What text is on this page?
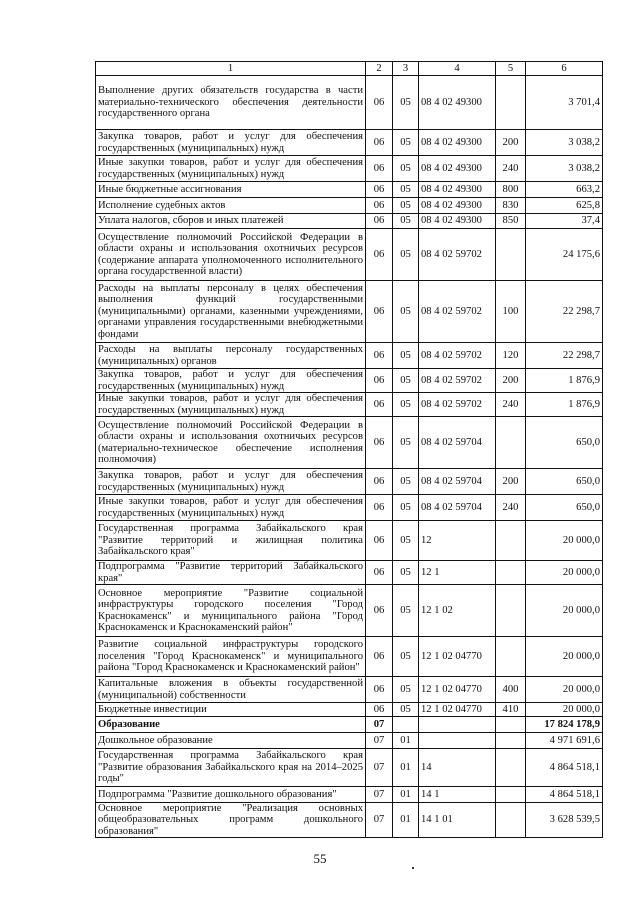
1	2	3	4	5	6
Выполнение других обязательств государства в части материально-технического обеспечения деятельности государственного органа	06	05	08 4 02 49300		3 701,4
Закупка товаров, работ и услуг для обеспечения государственных (муниципальных) нужд	06	05	08 4 02 49300	200	3 038,2
Иные закупки товаров, работ и услуг для обеспечения государственных (муниципальных) нужд	06	05	08 4 02 49300	240	3 038,2
Иные бюджетные ассигнования	06	05	08 4 02 49300	800	663,2
Исполнение судебных актов	06	05	08 4 02 49300	830	625,8
Уплата налогов, сборов и иных платежей	06	05	08 4 02 49300	850	37,4
Осуществление полномочий Российской Федерации в области охраны и использования охотничьих ресурсов (содержание аппарата уполномоченного исполнительного органа государственной власти)	06	05	08 4 02 59702		24 175,6
Расходы на выплаты персоналу в целях обеспечения выполнения функций государственными (муниципальными) органами, казенными учреждениями, органами управления государственными внебюджетными фондами	06	05	08 4 02 59702	100	22 298,7
Расходы на выплаты персоналу государственных (муниципальных) органов	06	05	08 4 02 59702	120	22 298,7
Закупка товаров, работ и услуг для обеспечения государственных (муниципальных) нужд	06	05	08 4 02 59702	200	1 876,9
Иные закупки товаров, работ и услуг для обеспечения государственных (муниципальных) нужд	06	05	08 4 02 59702	240	1 876,9
Осуществление полномочий Российской Федерации в области охраны и использования охотничьих ресурсов (материально-техническое обеспечение исполнения полномочия)	06	05	08 4 02 59704		650,0
Закупка товаров, работ и услуг для обеспечения государственных (муниципальных) нужд	06	05	08 4 02 59704	200	650,0
Иные закупки товаров, работ и услуг для обеспечения государственных (муниципальных) нужд	06	05	08 4 02 59704	240	650,0
Государственная программа Забайкальского края "Развитие территорий и жилищная политика Забайкальского края"	06	05	12		20 000,0
Подпрограмма "Развитие территорий Забайкальского края"	06	05	12 1		20 000,0
Основное мероприятие "Развитие социальной инфраструктуры городского поселения "Город Краснокаменск" и муниципального района "Город Краснокаменск и Краснокаменский район"	06	05	12 1 02		20 000,0
Развитие социальной инфраструктуры городского поселения "Город Краснокаменск" и муниципального района "Город Краснокаменск и Краснокаменский район"	06	05	12 1 02 04770		20 000,0
Капитальные вложения в объекты государственной (муниципальной) собственности	06	05	12 1 02 04770	400	20 000,0
Бюджетные инвестиции	06	05	12 1 02 04770	410	20 000,0
Образование	07				17 824 178,9
Дошкольное образование	07	01			4 971 691,6
Государственная программа Забайкальского края "Развитие образования Забайкальского края на 2014–2025 годы"	07	01	14		4 864 518,1
Подпрограмма "Развитие дошкольного образования"	07	01	14 1		4 864 518,1
Основное мероприятие "Реализация основных общеобразовательных программ дошкольного образования"	07	01	14 1 01		3 628 539,5
55
